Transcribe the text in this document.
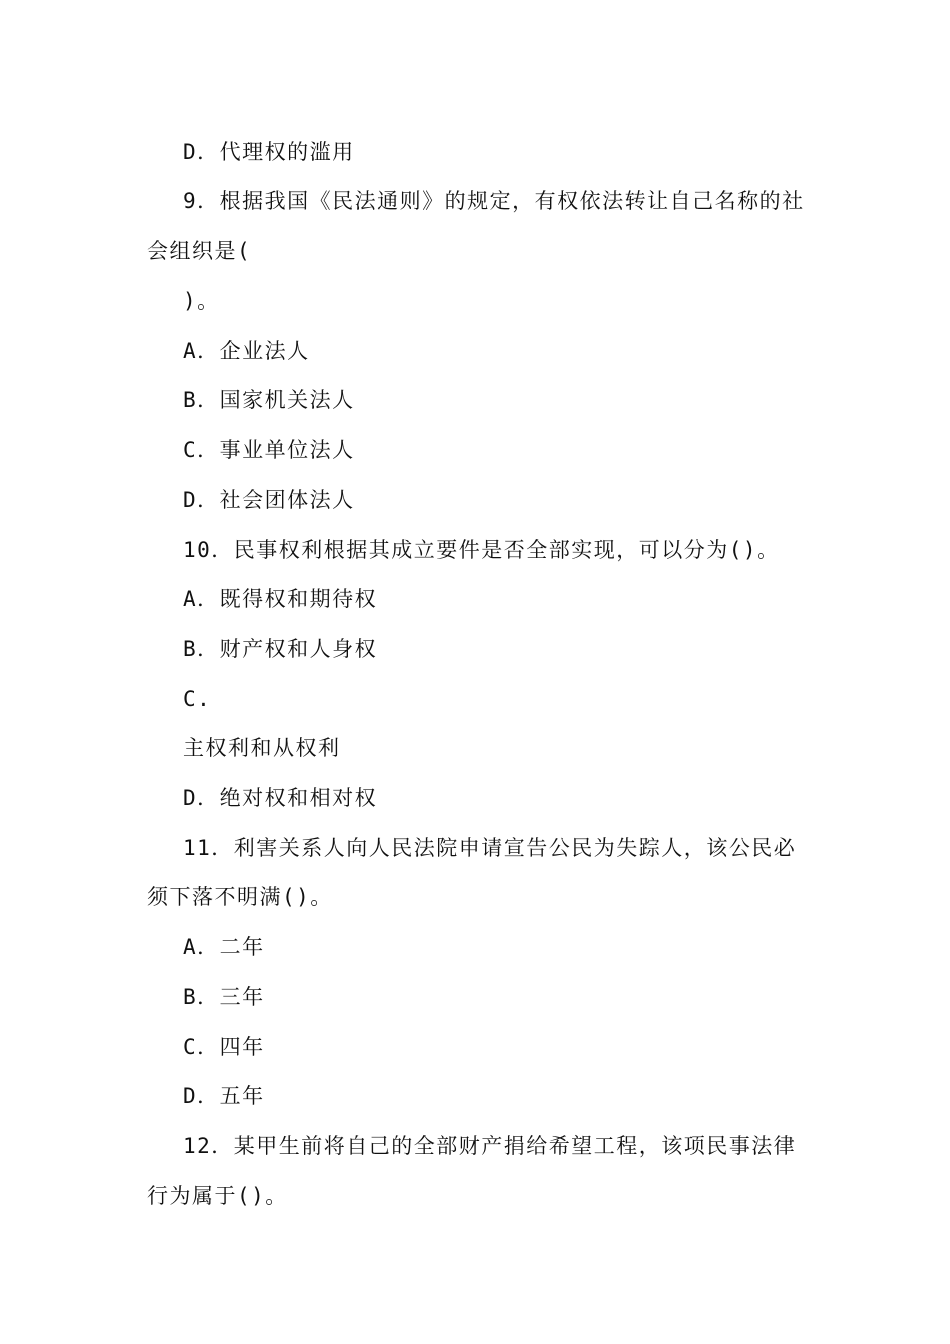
D．代理权的滥用
9．根据我国《民法通则》的规定，有权依法转让自己名称的社
会组织是(
)。
A．企业法人
B．国家机关法人
C．事业单位法人
D．社会团体法人
10．民事权利根据其成立要件是否全部实现，可以分为()。
A．既得权和期待权
B．财产权和人身权
C.
主权利和从权利
D．绝对权和相对权
11．利害关系人向人民法院申请宣告公民为失踪人，该公民必
须下落不明满()。
A．二年
B．三年
C．四年
D．五年
12．某甲生前将自己的全部财产捐给希望工程，该项民事法律
行为属于()。
